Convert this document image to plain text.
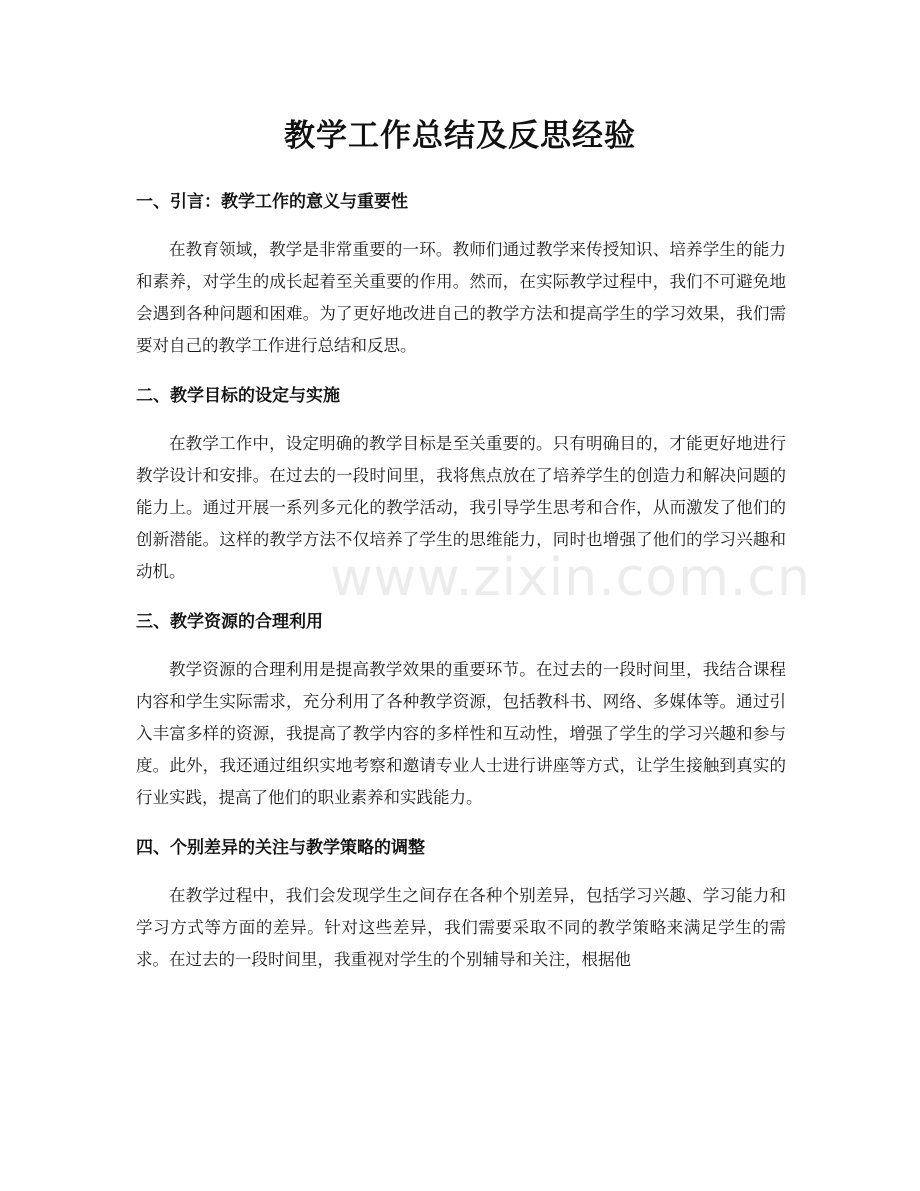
教学工作总结及反思经验
一、引言：教学工作的意义与重要性

在教育领域，教学是非常重要的一环。教师们通过教学来传授知识、培养学生的能力和素养，对学生的成长起着至关重要的作用。然而，在实际教学过程中，我们不可避免地会遇到各种问题和困难。为了更好地改进自己的教学方法和提高学生的学习效果，我们需要对自己的教学工作进行总结和反思。

二、教学目标的设定与实施

在教学工作中，设定明确的教学目标是至关重要的。只有明确目的，才能更好地进行教学设计和安排。在过去的一段时间里，我将焦点放在了培养学生的创造力和解决问题的能力上。通过开展一系列多元化的教学活动，我引导学生思考和合作，从而激发了他们的创新潜能。这样的教学方法不仅培养了学生的思维能力，同时也增强了他们的学习兴趣和动机。

三、教学资源的合理利用

教学资源的合理利用是提高教学效果的重要环节。在过去的一段时间里，我结合课程内容和学生实际需求，充分利用了各种教学资源，包括教科书、网络、多媒体等。通过引入丰富多样的资源，我提高了教学内容的多样性和互动性，增强了学生的学习兴趣和参与度。此外，我还通过组织实地考察和邀请专业人士进行讲座等方式，让学生接触到真实的行业实践，提高了他们的职业素养和实践能力。

四、个别差异的关注与教学策略的调整

在教学过程中，我们会发现学生之间存在各种个别差异，包括学习兴趣、学习能力和学习方式等方面的差异。针对这些差异，我们需要采取不同的教学策略来满足学生的需求。在过去的一段时间里，我重视对学生的个别辅导和关注，根据他

www.zixin.com.cn
